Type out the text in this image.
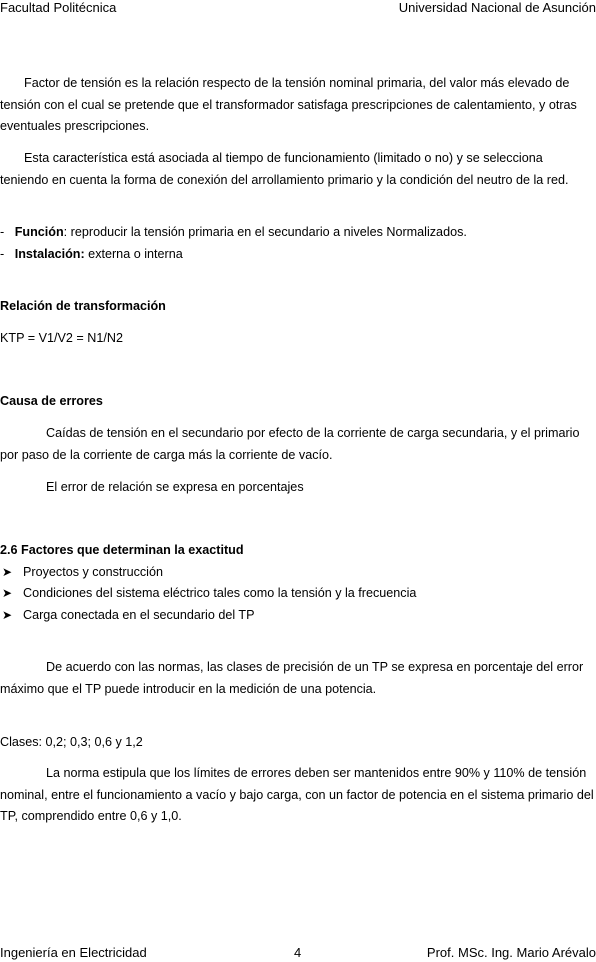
Facultad Politécnica	Universidad Nacional de Asunción

Factor de tensión es la relación respecto de la tensión nominal primaria, del valor más elevado de tensión con el cual se pretende que el transformador satisfaga prescripciones de calentamiento, y otras eventuales prescripciones.

Esta característica está asociada al tiempo de funcionamiento (limitado o no) y se selecciona teniendo en cuenta la forma de conexión del arrollamiento primario y la condición del neutro de la red.

-   Función: reproducir la tensión primaria en el secundario a niveles Normalizados.

-   Instalación: externa o interna

Relación de transformación

KTP = V1/V2 = N1/N2

Causa de errores

Caídas de tensión en el secundario por efecto de la corriente de carga secundaria, y el primario por paso de la corriente de carga más la corriente de vacío.

El error de relación se expresa en porcentajes

2.6 Factores que determinan la exactitud

➤ Proyectos y construcción
➤ Condiciones del sistema eléctrico tales como la tensión y la frecuencia
➤ Carga conectada en el secundario del TP

De acuerdo con las normas, las clases de precisión de un TP se expresa en porcentaje del error máximo que el TP puede introducir en la medición de una potencia.

Clases: 0,2; 0,3; 0,6 y 1,2

La norma estipula que los límites de errores deben ser mantenidos entre 90% y 110% de tensión nominal, entre el funcionamiento a vacío y bajo carga, con un factor de potencia en el sistema primario del TP, comprendido entre 0,6 y 1,0.

Ingeniería en Electricidad	4	Prof. MSc. Ing. Mario Arévalo
